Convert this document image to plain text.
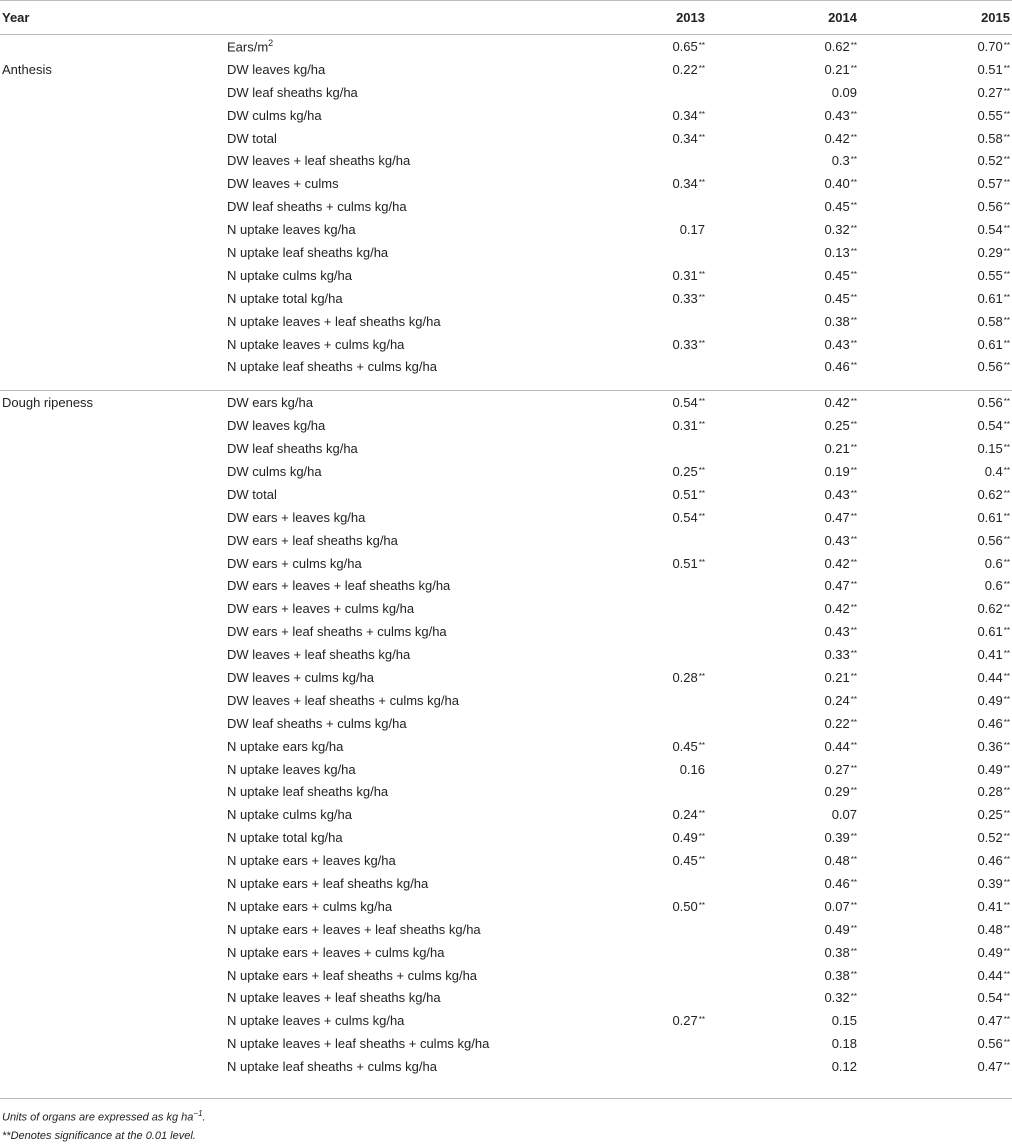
Year		2013	2014	2015

	Ears/$m^2$	0.65**	0.62**	0.70**
Anthesis	DW leaves kg/ha	0.22**	0.21**	0.51**
	DW leaf sheaths kg/ha		0.09	0.27**
	DW culms kg/ha	0.34**	0.43**	0.55**
	DW total	0.34**	0.42**	0.58**
	DW leaves + leaf sheaths kg/ha		0.3**	0.52**
	DW leaves + culms	0.34**	0.40**	0.57**
	DW leaf sheaths + culms kg/ha		0.45**	0.56**
	N uptake leaves kg/ha	0.17	0.32**	0.54**
	N uptake leaf sheaths kg/ha		0.13**	0.29**
	N uptake culms kg/ha	0.31**	0.45**	0.55**
	N uptake total kg/ha	0.33**	0.45**	0.61**
	N uptake leaves + leaf sheaths kg/ha		0.38**	0.58**
	N uptake leaves + culms kg/ha	0.33**	0.43**	0.61**
	N uptake leaf sheaths + culms kg/ha		0.46**	0.56**

Dough ripeness	DW ears kg/ha	0.54**	0.42**	0.56**
	DW leaves kg/ha	0.31**	0.25**	0.54**
	DW leaf sheaths kg/ha		0.21**	0.15**
	DW culms kg/ha	0.25**	0.19**	0.4**
	DW total	0.51**	0.43**	0.62**
	DW ears + leaves kg/ha	0.54**	0.47**	0.61**
	DW ears + leaf sheaths kg/ha		0.43**	0.56**
	DW ears + culms kg/ha	0.51**	0.42**	0.6**
	DW ears + leaves + leaf sheaths kg/ha		0.47**	0.6**
	DW ears + leaves + culms kg/ha		0.42**	0.62**
	DW ears + leaf sheaths + culms kg/ha		0.43**	0.61**
	DW leaves + leaf sheaths kg/ha		0.33**	0.41**
	DW leaves + culms kg/ha	0.28**	0.21**	0.44**
	DW leaves + leaf sheaths + culms kg/ha		0.24**	0.49**
	DW leaf sheaths + culms kg/ha		0.22**	0.46**
	N uptake ears kg/ha	0.45**	0.44**	0.36**
	N uptake leaves kg/ha	0.16	0.27**	0.49**
	N uptake leaf sheaths kg/ha		0.29**	0.28**
	N uptake culms kg/ha	0.24**	0.07	0.25**
	N uptake total kg/ha	0.49**	0.39**	0.52**
	N uptake ears + leaves kg/ha	0.45**	0.48**	0.46**
	N uptake ears + leaf sheaths kg/ha		0.46**	0.39**
	N uptake ears + culms kg/ha	0.50**	0.07**	0.41**
	N uptake ears + leaves + leaf sheaths kg/ha		0.49**	0.48**
	N uptake ears + leaves + culms kg/ha		0.38**	0.49**
	N uptake ears + leaf sheaths + culms kg/ha		0.38**	0.44**
	N uptake leaves + leaf sheaths kg/ha		0.32**	0.54**
	N uptake leaves + culms kg/ha	0.27**	0.15	0.47**
	N uptake leaves + leaf sheaths + culms kg/ha		0.18	0.56**
	N uptake leaf sheaths + culms kg/ha		0.12	0.47**

Units of organs are expressed as kg $ha^{-1}$.
**Denotes significance at the 0.01 level.
